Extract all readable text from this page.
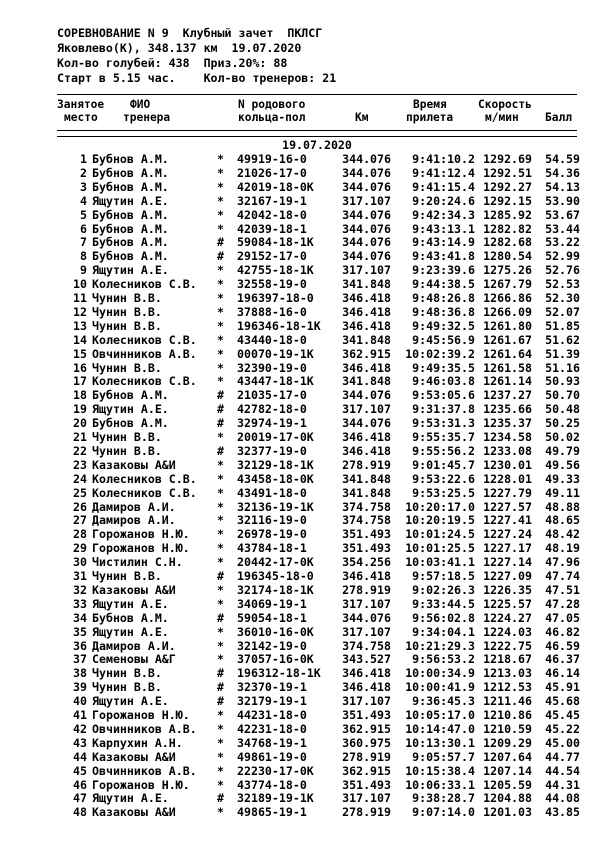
СОРЕВНОВАНИЕ N 9  Клубный зачет  ПКЛСГ
Яковлево(К), 348.137 км  19.07.2020
Кол-во голубей: 438  Приз.20%: 88
Старт в 5.15 час.    Кол-во тренеров: 21
Занятое
место
ФИО
тренера
N родового
кольца-пол	Км
Время
прилета
Скорость
м/мин Балл
19.07.2020
1 Бубнов А.М.	* 49919-16-0	344.076	9:41:10.2 1292.69	54.59
2 Бубнов А.М.	* 21026-17-0	344.076	9:41:12.4 1292.51	54.36
3 Бубнов А.М.	* 42019-18-0К	344.076	9:41:15.4 1292.27	54.13
4 Ящутин А.Е.	* 32167-19-1	317.107	9:20:24.6 1292.15	53.90
5 Бубнов А.М.	* 42042-18-0	344.076	9:42:34.3 1285.92	53.67
6 Бубнов А.М.	* 42039-18-1	344.076	9:43:13.1 1282.82	53.44
7 Бубнов А.М.	# 59084-18-1К	344.076	9:43:14.9 1282.68	53.22
8 Бубнов А.М.	# 29152-17-0	344.076	9:43:41.8 1280.54	52.99
9 Ящутин А.Е.	* 42755-18-1К	317.107	9:23:39.6 1275.26	52.76
10 Колесников С.В.	* 32558-19-0	341.848	9:44:38.5 1267.79	52.53
11 Чунин В.В.	* 196397-18-0	346.418	9:48:26.8 1266.86	52.30
12 Чунин В.В.	* 37888-16-0	346.418	9:48:36.8 1266.09	52.07
13 Чунин В.В.	* 196346-18-1К	346.418	9:49:32.5 1261.80	51.85
14 Колесников С.В.	* 43440-18-0	341.848	9:45:56.9 1261.67	51.62
15 Овчинников А.В.	* 00070-19-1К	362.915	10:02:39.2 1261.64	51.39
16 Чунин В.В.	* 32390-19-0	346.418	9:49:35.5 1261.58	51.16
17 Колесников С.В.	* 43447-18-1К	341.848	9:46:03.8 1261.14	50.93
18 Бубнов А.М.	# 21035-17-0	344.076	9:53:05.6 1237.27	50.70
19 Ящутин А.Е.	# 42782-18-0	317.107	9:31:37.8 1235.66	50.48
20 Бубнов А.М.	# 32974-19-1	344.076	9:53:31.3 1235.37	50.25
21 Чунин В.В.	* 20019-17-0К	346.418	9:55:35.7 1234.58	50.02
22 Чунин В.В.	# 32377-19-0	346.418	9:55:56.2 1233.08	49.79
23 Казаковы А&И	* 32129-18-1К	278.919	9:01:45.7 1230.01	49.56
24 Колесников С.В.	* 43458-18-0К	341.848	9:53:22.6 1228.01	49.33
25 Колесников С.В.	* 43491-18-0	341.848	9:53:25.5 1227.79	49.11
26 Дамиров А.И.	* 32136-19-1К	374.758	10:20:17.0 1227.57	48.88
27 Дамиров А.И.	* 32116-19-0	374.758	10:20:19.5 1227.41	48.65
28 Горожанов Н.Ю.	* 26978-19-0	351.493	10:01:24.5 1227.24	48.42
29 Горожанов Н.Ю.	* 43784-18-1	351.493	10:01:25.5 1227.17	48.19
30 Чистилин С.Н.	* 20442-17-0К	354.256	10:03:41.1 1227.14	47.96
31 Чунин В.В.	# 196345-18-0	346.418	9:57:18.5 1227.09	47.74
32 Казаковы А&И	* 32174-18-1К	278.919	9:02:26.3 1226.35	47.51
33 Ящутин А.Е.	* 34069-19-1	317.107	9:33:44.5 1225.57	47.28
34 Бубнов А.М.	# 59054-18-1	344.076	9:56:02.8 1224.27	47.05
35 Ящутин А.Е.	* 36010-16-0К	317.107	9:34:04.1 1224.03	46.82
36 Дамиров А.И.	* 32142-19-0	374.758	10:21:29.3 1222.75	46.59
37 Семеновы А&Г	* 37057-16-0К	343.527	9:56:53.2 1218.67	46.37
38 Чунин В.В.	# 196312-18-1К	346.418	10:00:34.9 1213.03	46.14
39 Чунин В.В.	# 32370-19-1	346.418	10:00:41.9 1212.53	45.91
40 Ящутин А.Е.	# 32179-19-1	317.107	9:36:45.3 1211.46	45.68
41 Горожанов Н.Ю.	* 44231-18-0	351.493	10:05:17.0 1210.86	45.45
42 Овчинников А.В.	* 42231-18-0	362.915	10:14:47.0 1210.59	45.22
43 Карпухин А.Н.	* 34768-19-1	360.975	10:13:30.1 1209.29	45.00
44 Казаковы А&И	* 49861-19-0	278.919	9:05:57.7 1207.64	44.77
45 Овчинников А.В.	* 22230-17-0К	362.915	10:15:38.4 1207.14	44.54
46 Горожанов Н.Ю.	* 43774-18-0	351.493	10:06:33.1 1205.59	44.31
47 Ящутин А.Е.	# 32189-19-1К	317.107	9:38:28.7 1204.88	44.08
48 Казаковы А&И	* 49865-19-1	278.919	9:07:14.0 1201.03	43.85
